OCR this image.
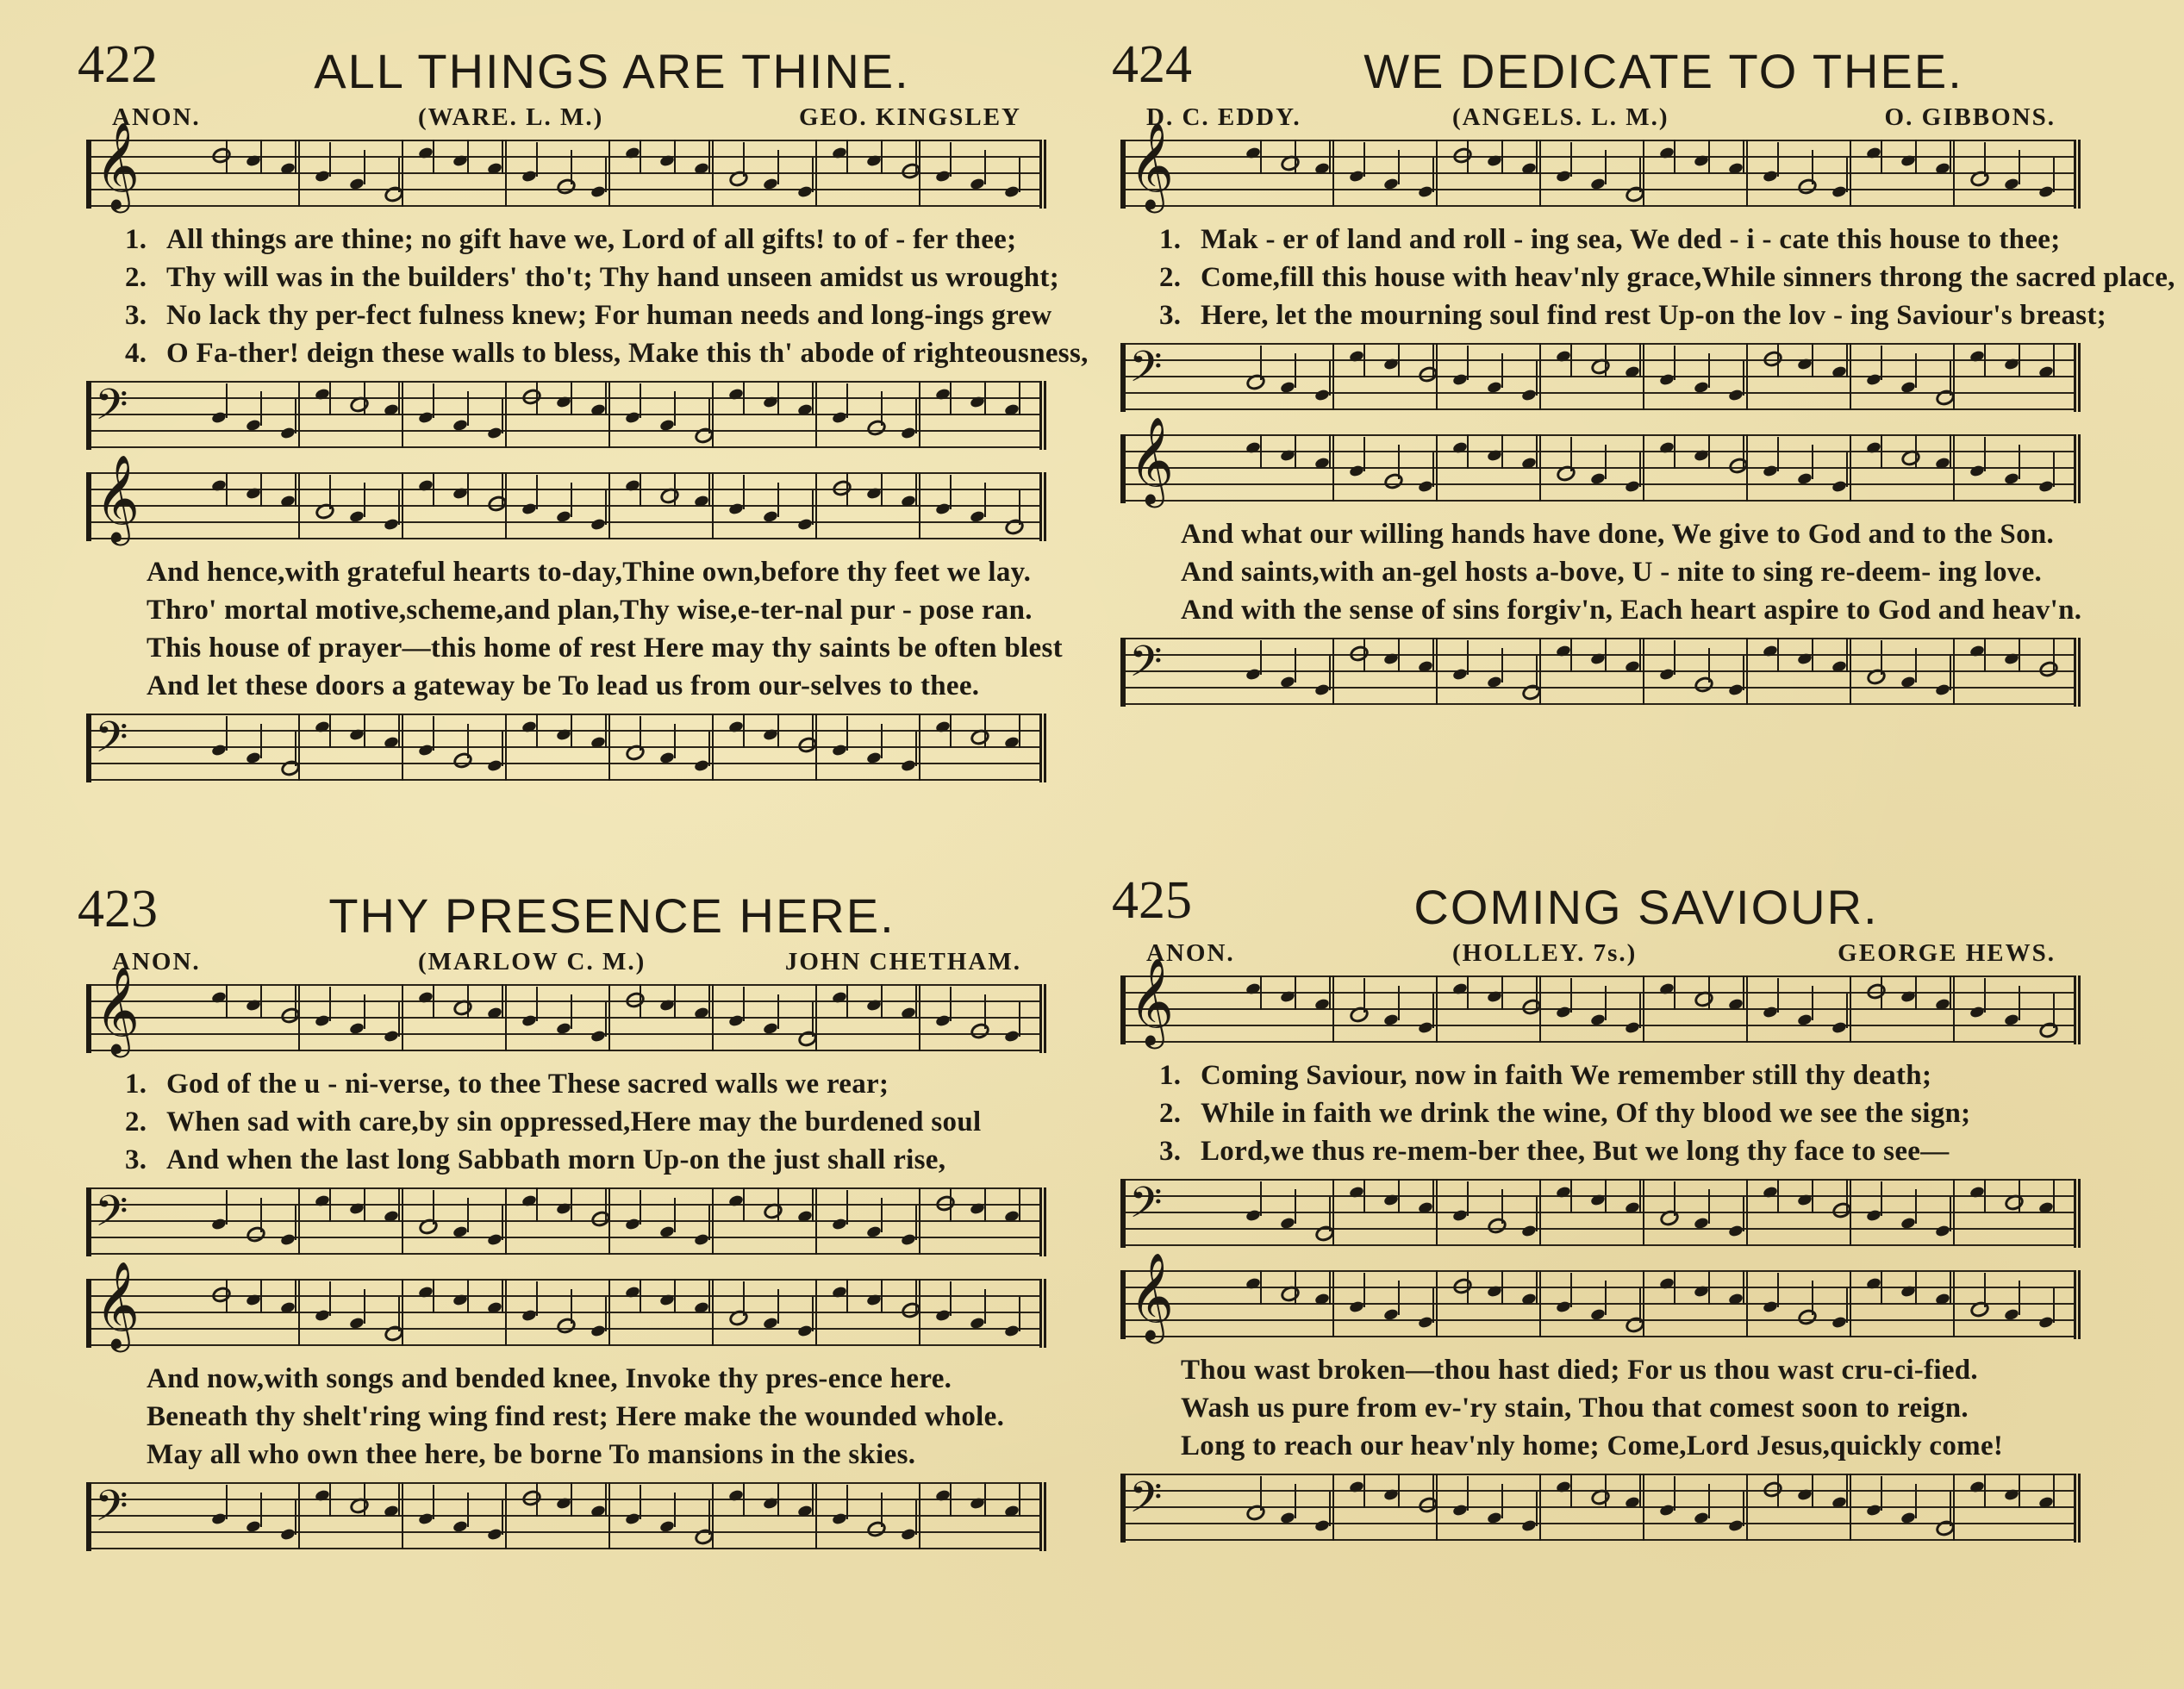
422	ALL THINGS ARE THINE.
ANON.	(WARE. L. M.)	GEO. KINGSLEY
𝄞
1. All things are thine; no gift have we, Lord of all gifts! to of - fer thee;
2. Thy will was in the builders' tho't; Thy hand unseen amidst us wrought;
3. No lack thy per-fect fulness knew; For human needs and long-ings grew
4. O Fa-ther! deign these walls to bless, Make this th' abode of righteousness,
𝄢
𝄞
And hence,with grateful hearts to-day,Thine own,before thy feet we lay.
Thro' mortal motive,scheme,and plan,Thy wise,e-ter-nal pur - pose ran.
This house of prayer—this home of rest Here may thy saints be often blest
And let these doors a gateway be To lead us from our-selves to thee.
𝄢
424	WE DEDICATE TO THEE.
D. C. EDDY.	(ANGELS. L. M.)	O. GIBBONS.
𝄞
1. Mak - er of land and roll - ing sea, We ded - i - cate this house to thee;
2. Come,fill this house with heav'nly grace,While sinners throng the sacred place,
3. Here, let the mourning soul find rest Up-on the lov - ing Saviour's breast;
𝄢
𝄞
And what our willing hands have done, We give to God and to the Son.
And saints,with an-gel hosts a-bove, U - nite to sing re-deem- ing love.
And with the sense of sins forgiv'n, Each heart aspire to God and heav'n.
𝄢
423	THY PRESENCE HERE.
ANON.	(MARLOW C. M.)	JOHN CHETHAM.
𝄞
1. God of the u - ni-verse, to thee These sacred walls we rear;
2. When sad with care,by sin oppressed,Here may the burdened soul
3. And when the last long Sabbath morn Up-on the just shall rise,
𝄢
𝄞
And now,with songs and bended knee, Invoke thy pres-ence here.
Beneath thy shelt'ring wing find rest; Here make the wounded whole.
May all who own thee here, be borne To mansions in the skies.
𝄢
425	COMING SAVIOUR.
ANON.	(HOLLEY. 7s.)	GEORGE HEWS.
𝄞
1. Coming Saviour, now in faith We remember still thy death;
2. While in faith we drink the wine, Of thy blood we see the sign;
3. Lord,we thus re-mem-ber thee, But we long thy face to see—
𝄢
𝄞
Thou wast broken—thou hast died; For us thou wast cru-ci-fied.
Wash us pure from ev-'ry stain, Thou that comest soon to reign.
Long to reach our heav'nly home; Come,Lord Jesus,quickly come!
𝄢
